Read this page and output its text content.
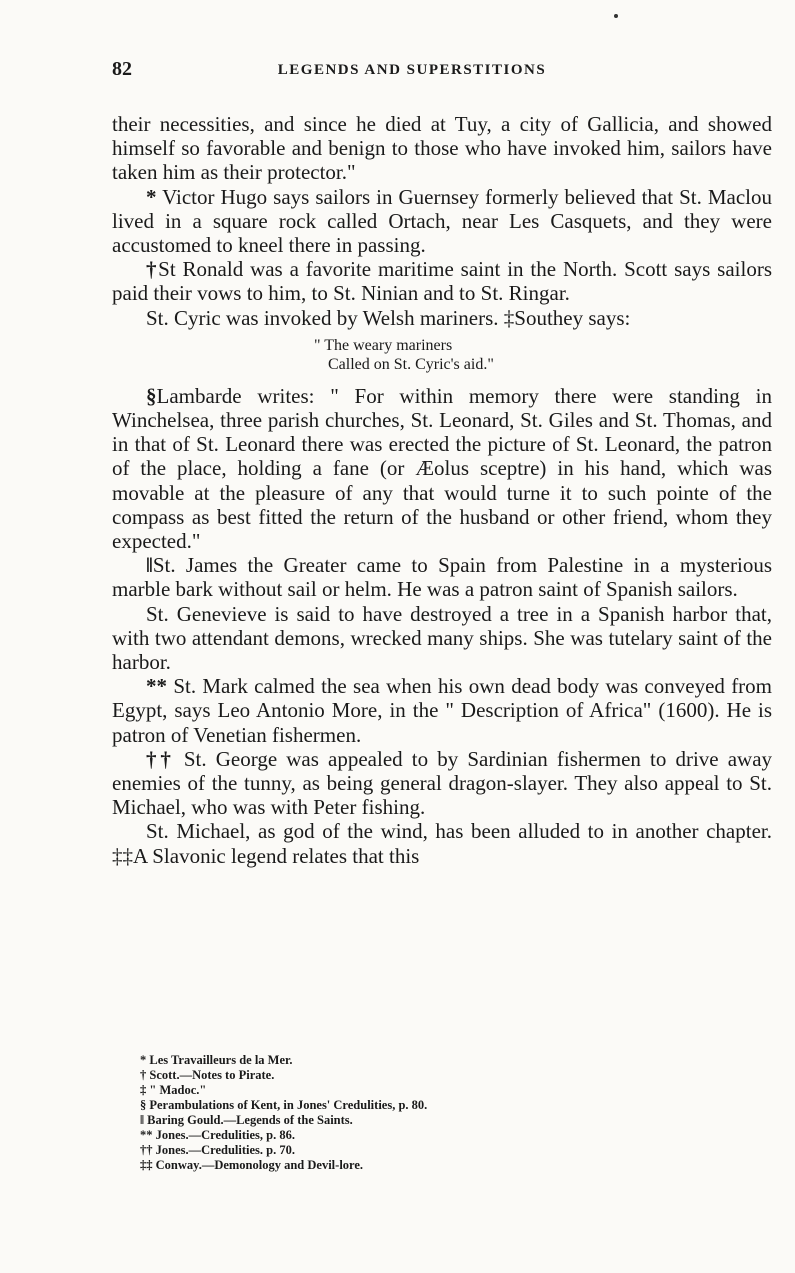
82	LEGENDS AND SUPERSTITIONS

their necessities, and since he died at Tuy, a city of Gallicia, and showed himself so favorable and benign to those who have invoked him, sailors have taken him as their protector."

* Victor Hugo says sailors in Guernsey formerly believed that St. Maclou lived in a square rock called Ortach, near Les Casquets, and they were accustomed to kneel there in passing.

†St Ronald was a favorite maritime saint in the North. Scott says sailors paid their vows to him, to St. Ninian and to St. Ringar.

St. Cyric was invoked by Welsh mariners. ‡Southey says:

" The weary mariners
Called on St. Cyric's aid."

§Lambarde writes: " For within memory there were standing in Winchelsea, three parish churches, St. Leonard, St. Giles and St. Thomas, and in that of St. Leonard there was erected the picture of St. Leonard, the patron of the place, holding a fane (or Æolus sceptre) in his hand, which was movable at the pleasure of any that would turne it to such pointe of the compass as best fitted the return of the husband or other friend, whom they expected."

‖St. James the Greater came to Spain from Palestine in a mysterious marble bark without sail or helm. He was a patron saint of Spanish sailors.

St. Genevieve is said to have destroyed a tree in a Spanish harbor that, with two attendant demons, wrecked many ships. She was tutelary saint of the harbor.

** St. Mark calmed the sea when his own dead body was conveyed from Egypt, says Leo Antonio More, in the " Description of Africa" (1600). He is patron of Venetian fishermen.

†† St. George was appealed to by Sardinian fishermen to drive away enemies of the tunny, as being general dragon-slayer. They also appeal to St. Michael, who was with Peter fishing.

St. Michael, as god of the wind, has been alluded to in another chapter. ‡‡A Slavonic legend relates that this

* Les Travailleurs de la Mer.
† Scott.—Notes to Pirate.
‡ " Madoc."
§ Perambulations of Kent, in Jones' Credulities, p. 80.
‖ Baring Gould.—Legends of the Saints.
** Jones.—Credulities, p. 86.
†† Jones.—Credulities. p. 70.
‡‡ Conway.—Demonology and Devil-lore.
